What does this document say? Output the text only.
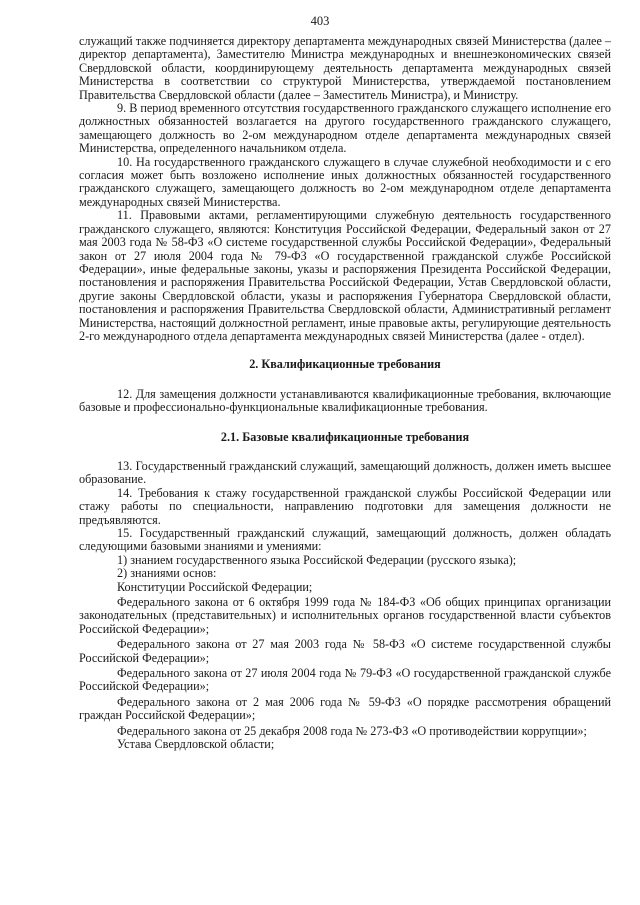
403

служащий также подчиняется директору департамента международных связей Министерства (далее – директор департамента), Заместителю Министра международных и внешнеэкономических связей Свердловской области, координирующему деятельность департамента международных связей Министерства в соответствии со структурой Министерства, утверждаемой постановлением Правительства Свердловской области (далее – Заместитель Министра), и Министру.

9. В период временного отсутствия государственного гражданского служащего исполнение его должностных обязанностей возлагается на другого государственного гражданского служащего, замещающего должность во 2-ом международном отделе департамента международных связей Министерства, определенного начальником отдела.

10. На государственного гражданского служащего в случае служебной необходимости и с его согласия может быть возложено исполнение иных должностных обязанностей государственного гражданского служащего, замещающего должность во 2-ом международном отделе департамента международных связей Министерства.

11. Правовыми актами, регламентирующими служебную деятельность государственного гражданского служащего, являются: Конституция Российской Федерации, Федеральный закон от 27 мая 2003 года № 58-ФЗ «О системе государственной службы Российской Федерации», Федеральный закон от 27 июля 2004 года № 79-ФЗ «О государственной гражданской службе Российской Федерации», иные федеральные законы, указы и распоряжения Президента Российской Федерации, постановления и распоряжения Правительства Российской Федерации, Устав Свердловской области, другие законы Свердловской области, указы и распоряжения Губернатора Свердловской области, постановления и распоряжения Правительства Свердловской области, Административный регламент Министерства, настоящий должностной регламент, иные правовые акты, регулирующие деятельность 2-го международного отдела департамента международных связей Министерства (далее - отдел).

2. Квалификационные требования

12. Для замещения должности устанавливаются квалификационные требования, включающие базовые и профессионально-функциональные квалификационные требования.

2.1. Базовые квалификационные требования

13. Государственный гражданский служащий, замещающий должность, должен иметь высшее образование.

14. Требования к стажу государственной гражданской службы Российской Федерации или стажу работы по специальности, направлению подготовки для замещения должности не предъявляются.

15. Государственный гражданский служащий, замещающий должность, должен обладать следующими базовыми знаниями и умениями:

1) знанием государственного языка Российской Федерации (русского языка);

2) знаниями основ:

Конституции Российской Федерации;

Федерального закона от 6 октября 1999 года № 184-ФЗ «Об общих принципах организации законодательных (представительных) и исполнительных органов государственной власти субъектов Российской Федерации»;

Федерального закона от 27 мая 2003 года № 58-ФЗ «О системе государственной службы Российской Федерации»;

Федерального закона от 27 июля 2004 года № 79-ФЗ «О государственной гражданской службе Российской Федерации»;

Федерального закона от 2 мая 2006 года № 59-ФЗ «О порядке рассмотрения обращений граждан Российской Федерации»;

Федерального закона от 25 декабря 2008 года № 273-ФЗ «О противодействии коррупции»;

Устава Свердловской области;
